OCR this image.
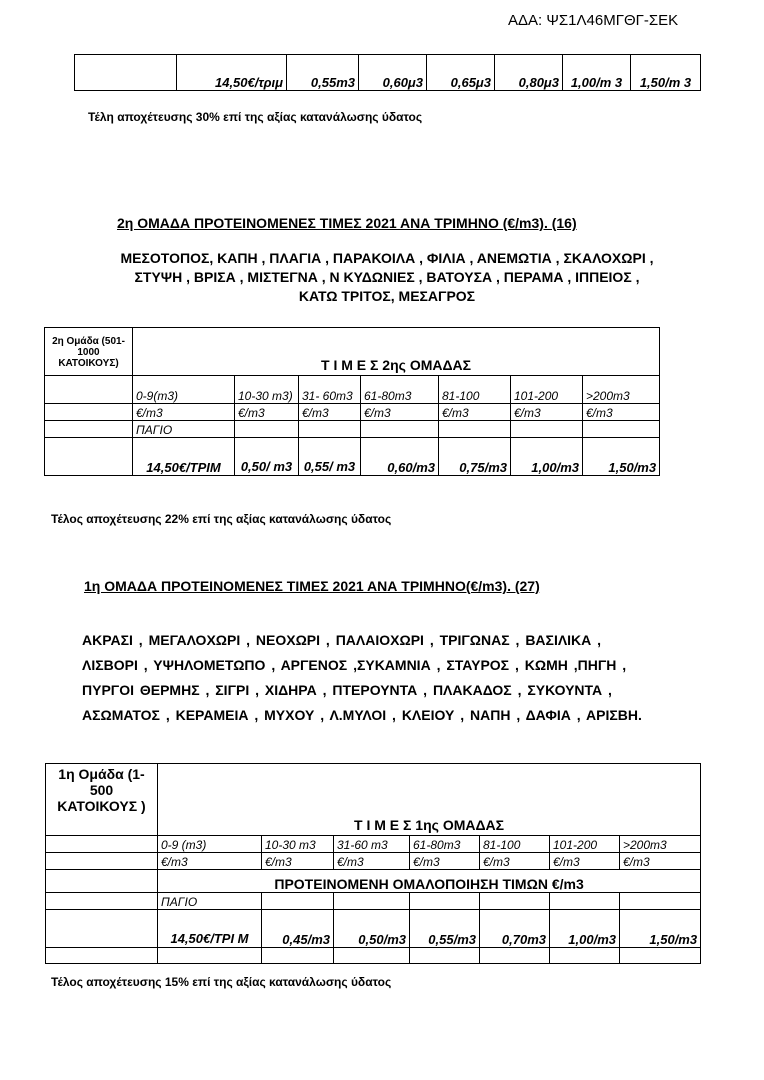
ΑΔΑ: ΨΣ1Λ46ΜΓΘΓ-ΣΕΚ
	14,50€/τριμ	0,55m3	0,60μ3	0,65μ3	0,80μ3	1,00/m 3	1,50/m 3
Τέλη αποχέτευσης 30% επί της αξίας κατανάλωσης ύδατος
2η ΟΜΑΔΑ ΠΡΟΤΕΙΝΟΜΕΝΕΣ ΤΙΜΕΣ 2021 ΑΝΑ ΤΡΙΜΗΝΟ (€/m3). (16)
ΜΕΣΟΤΟΠΟΣ, ΚΑΠΗ , ΠΛΑΓΙΑ , ΠΑΡΑΚΟΙΛΑ , ΦΙΛΙΑ , ΑΝΕΜΩΤΙΑ , ΣΚΑΛΟΧΩΡΙ ,
ΣΤΥΨΗ , ΒΡΙΣΑ , ΜΙΣΤΕΓΝΑ , Ν ΚΥΔΩΝΙΕΣ , ΒΑΤΟΥΣΑ , ΠΕΡΑΜΑ , ΙΠΠΕΙΟΣ ,
ΚΑΤΩ ΤΡΙΤΟΣ, ΜΕΣΑΓΡΟΣ
2η Ομάδα (501-1000 ΚΑΤΟΙΚΟΥΣ)	Τ Ι Μ Ε Σ 2ης ΟΜΑΔΑΣ						
	0-9(m3)	10-30 m3)	31- 60m3	61-80m3	81-100	101-200	>200m3
	€/m3	€/m3	€/m3	€/m3	€/m3	€/m3	€/m3
	ΠΑΓΙΟ						
	14,50€/ΤΡΙΜ	0,50/ m3	0,55/ m3	0,60/m3	0,75/m3	1,00/m3	1,50/m3
Τέλος αποχέτευσης 22% επί της αξίας κατανάλωσης ύδατος
1η ΟΜΑΔΑ ΠΡΟΤΕΙΝΟΜΕΝΕΣ ΤΙΜΕΣ 2021 ΑΝΑ ΤΡΙΜΗΝΟ(€/m3). (27)
ΑΚΡΑΣΙ , ΜΕΓΑΛΟΧΩΡΙ , ΝΕΟΧΩΡΙ , ΠΑΛΑΙΟΧΩΡΙ , ΤΡΙΓΩΝΑΣ , ΒΑΣΙΛΙΚΑ ,
ΛΙΣΒΟΡΙ , ΥΨΗΛΟΜΕΤΩΠΟ , ΑΡΓΕΝΟΣ ,ΣΥΚΑΜΝΙΑ , ΣΤΑΥΡΟΣ , ΚΩΜΗ ,ΠΗΓΗ ,
ΠΥΡΓΟΙ ΘΕΡΜΗΣ , ΣΙΓΡΙ , ΧΙΔΗΡΑ , ΠΤΕΡΟΥΝΤΑ , ΠΛΑΚΑΔΟΣ , ΣΥΚΟΥΝΤΑ ,
ΑΣΩΜΑΤΟΣ , ΚΕΡΑΜΕΙΑ , ΜΥΧΟΥ , Λ.ΜΥΛΟΙ , ΚΛΕΙΟΥ , ΝΑΠΗ , ΔΑΦΙΑ , ΑΡΙΣΒΗ.
1η Ομάδα (1-500 ΚΑΤΟΙΚΟΥΣ )	Τ Ι Μ Ε Σ 1ης ΟΜΑΔΑΣ						
	0-9 (m3)	10-30 m3	31-60 m3	61-80m3	81-100	101-200	>200m3
	€/m3	€/m3	€/m3	€/m3	€/m3	€/m3	€/m3
	ΠΡΟΤΕΙΝΟΜΕΝΗ ΟΜΑΛΟΠΟΙΗΣΗ ΤΙΜΩΝ €/m3						
	ΠΑΓΙΟ						
	14,50€/ΤΡΙ Μ	0,45/m3	0,50/m3	0,55/m3	0,70m3	1,00/m3	1,50/m3

Τέλος αποχέτευσης 15% επί της αξίας κατανάλωσης ύδατος
